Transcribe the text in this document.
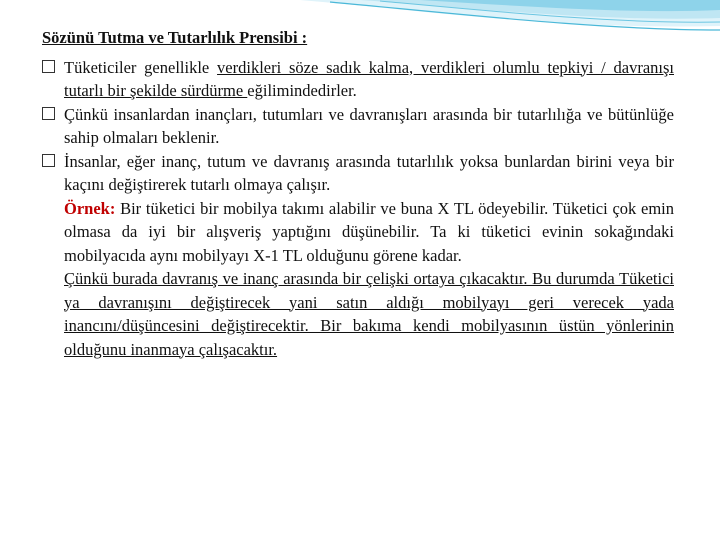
Sözünü Tutma ve Tutarlılık Prensibi :

Tüketiciler genellikle verdikleri söze sadık kalma, verdikleri olumlu tepkiyi / davranışı tutarlı bir şekilde sürdürme eğilimindedirler.

Çünkü insanlardan inançları, tutumları ve davranışları arasında bir tutarlılığa ve bütünlüğe sahip olmaları beklenir.

İnsanlar, eğer inanç, tutum ve davranış arasında tutarlılık yoksa bunlardan birini veya bir kaçını değiştirerek tutarlı olmaya çalışır.

Örnek: Bir tüketici bir mobilya takımı alabilir ve buna X TL ödeyebilir. Tüketici çok emin olmasa da iyi bir alışveriş yaptığını düşünebilir. Ta ki tüketici evinin sokağındaki mobilyacıda aynı mobilyayı X-1 TL olduğunu görene kadar.

Çünkü burada davranış ve inanç arasında bir çelişki ortaya çıkacaktır. Bu durumda Tüketici ya davranışını değiştirecek yani satın aldığı mobilyayı geri verecek yada inancını/düşüncesini değiştirecektir. Bir bakıma kendi mobilyasının üstün yönlerinin olduğunu inanmaya çalışacaktır.
